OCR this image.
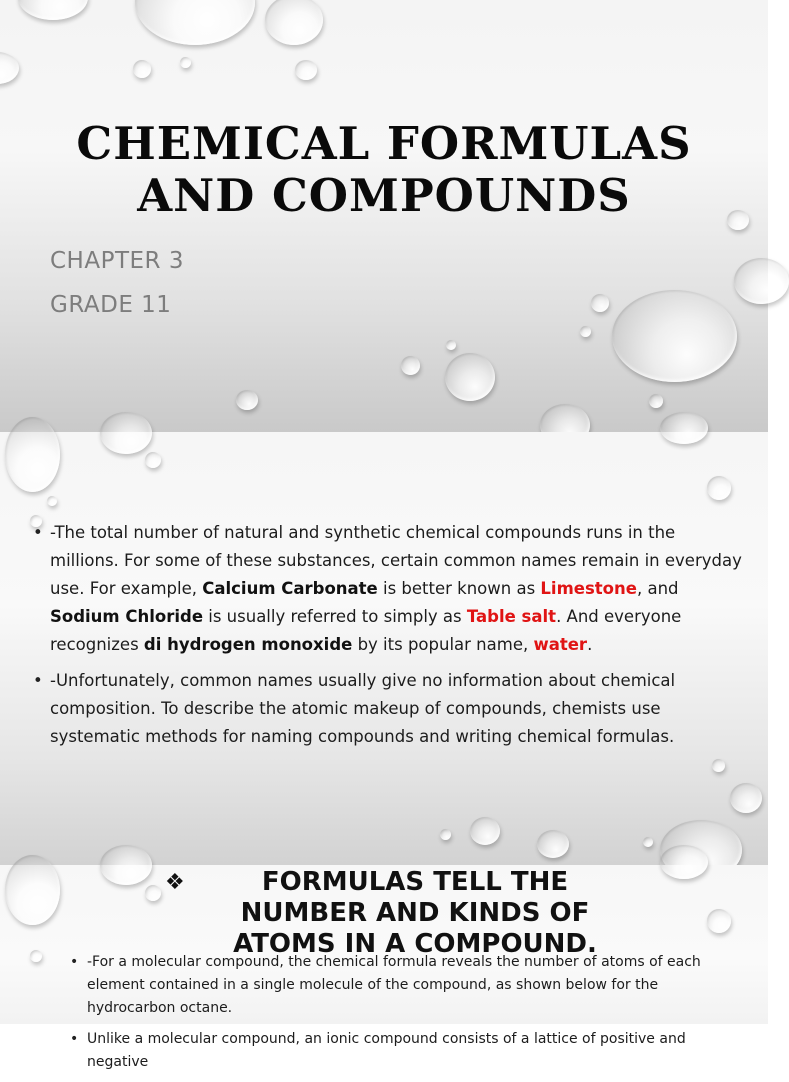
CHEMICAL FORMULAS
AND COMPOUNDS
CHAPTER 3
GRADE 11
• -The total number of natural and synthetic chemical compounds runs in the millions. For some of these substances, certain common names remain in everyday use. For example, Calcium Carbonate is better known as Limestone, and Sodium Chloride is usually referred to simply as Table salt. And everyone recognizes di hydrogen monoxide by its popular name, water.
• -Unfortunately, common names usually give no information about chemical composition. To describe the atomic makeup of compounds, chemists use systematic methods for naming compounds and writing chemical formulas.
❖	FORMULAS TELL THE NUMBER AND KINDS OF ATOMS IN A COMPOUND.
• -For a molecular compound, the chemical formula reveals the number of atoms of each element contained in a single molecule of the compound, as shown below for the hydrocarbon octane.
• Unlike a molecular compound, an ionic compound consists of a lattice of positive and negative
